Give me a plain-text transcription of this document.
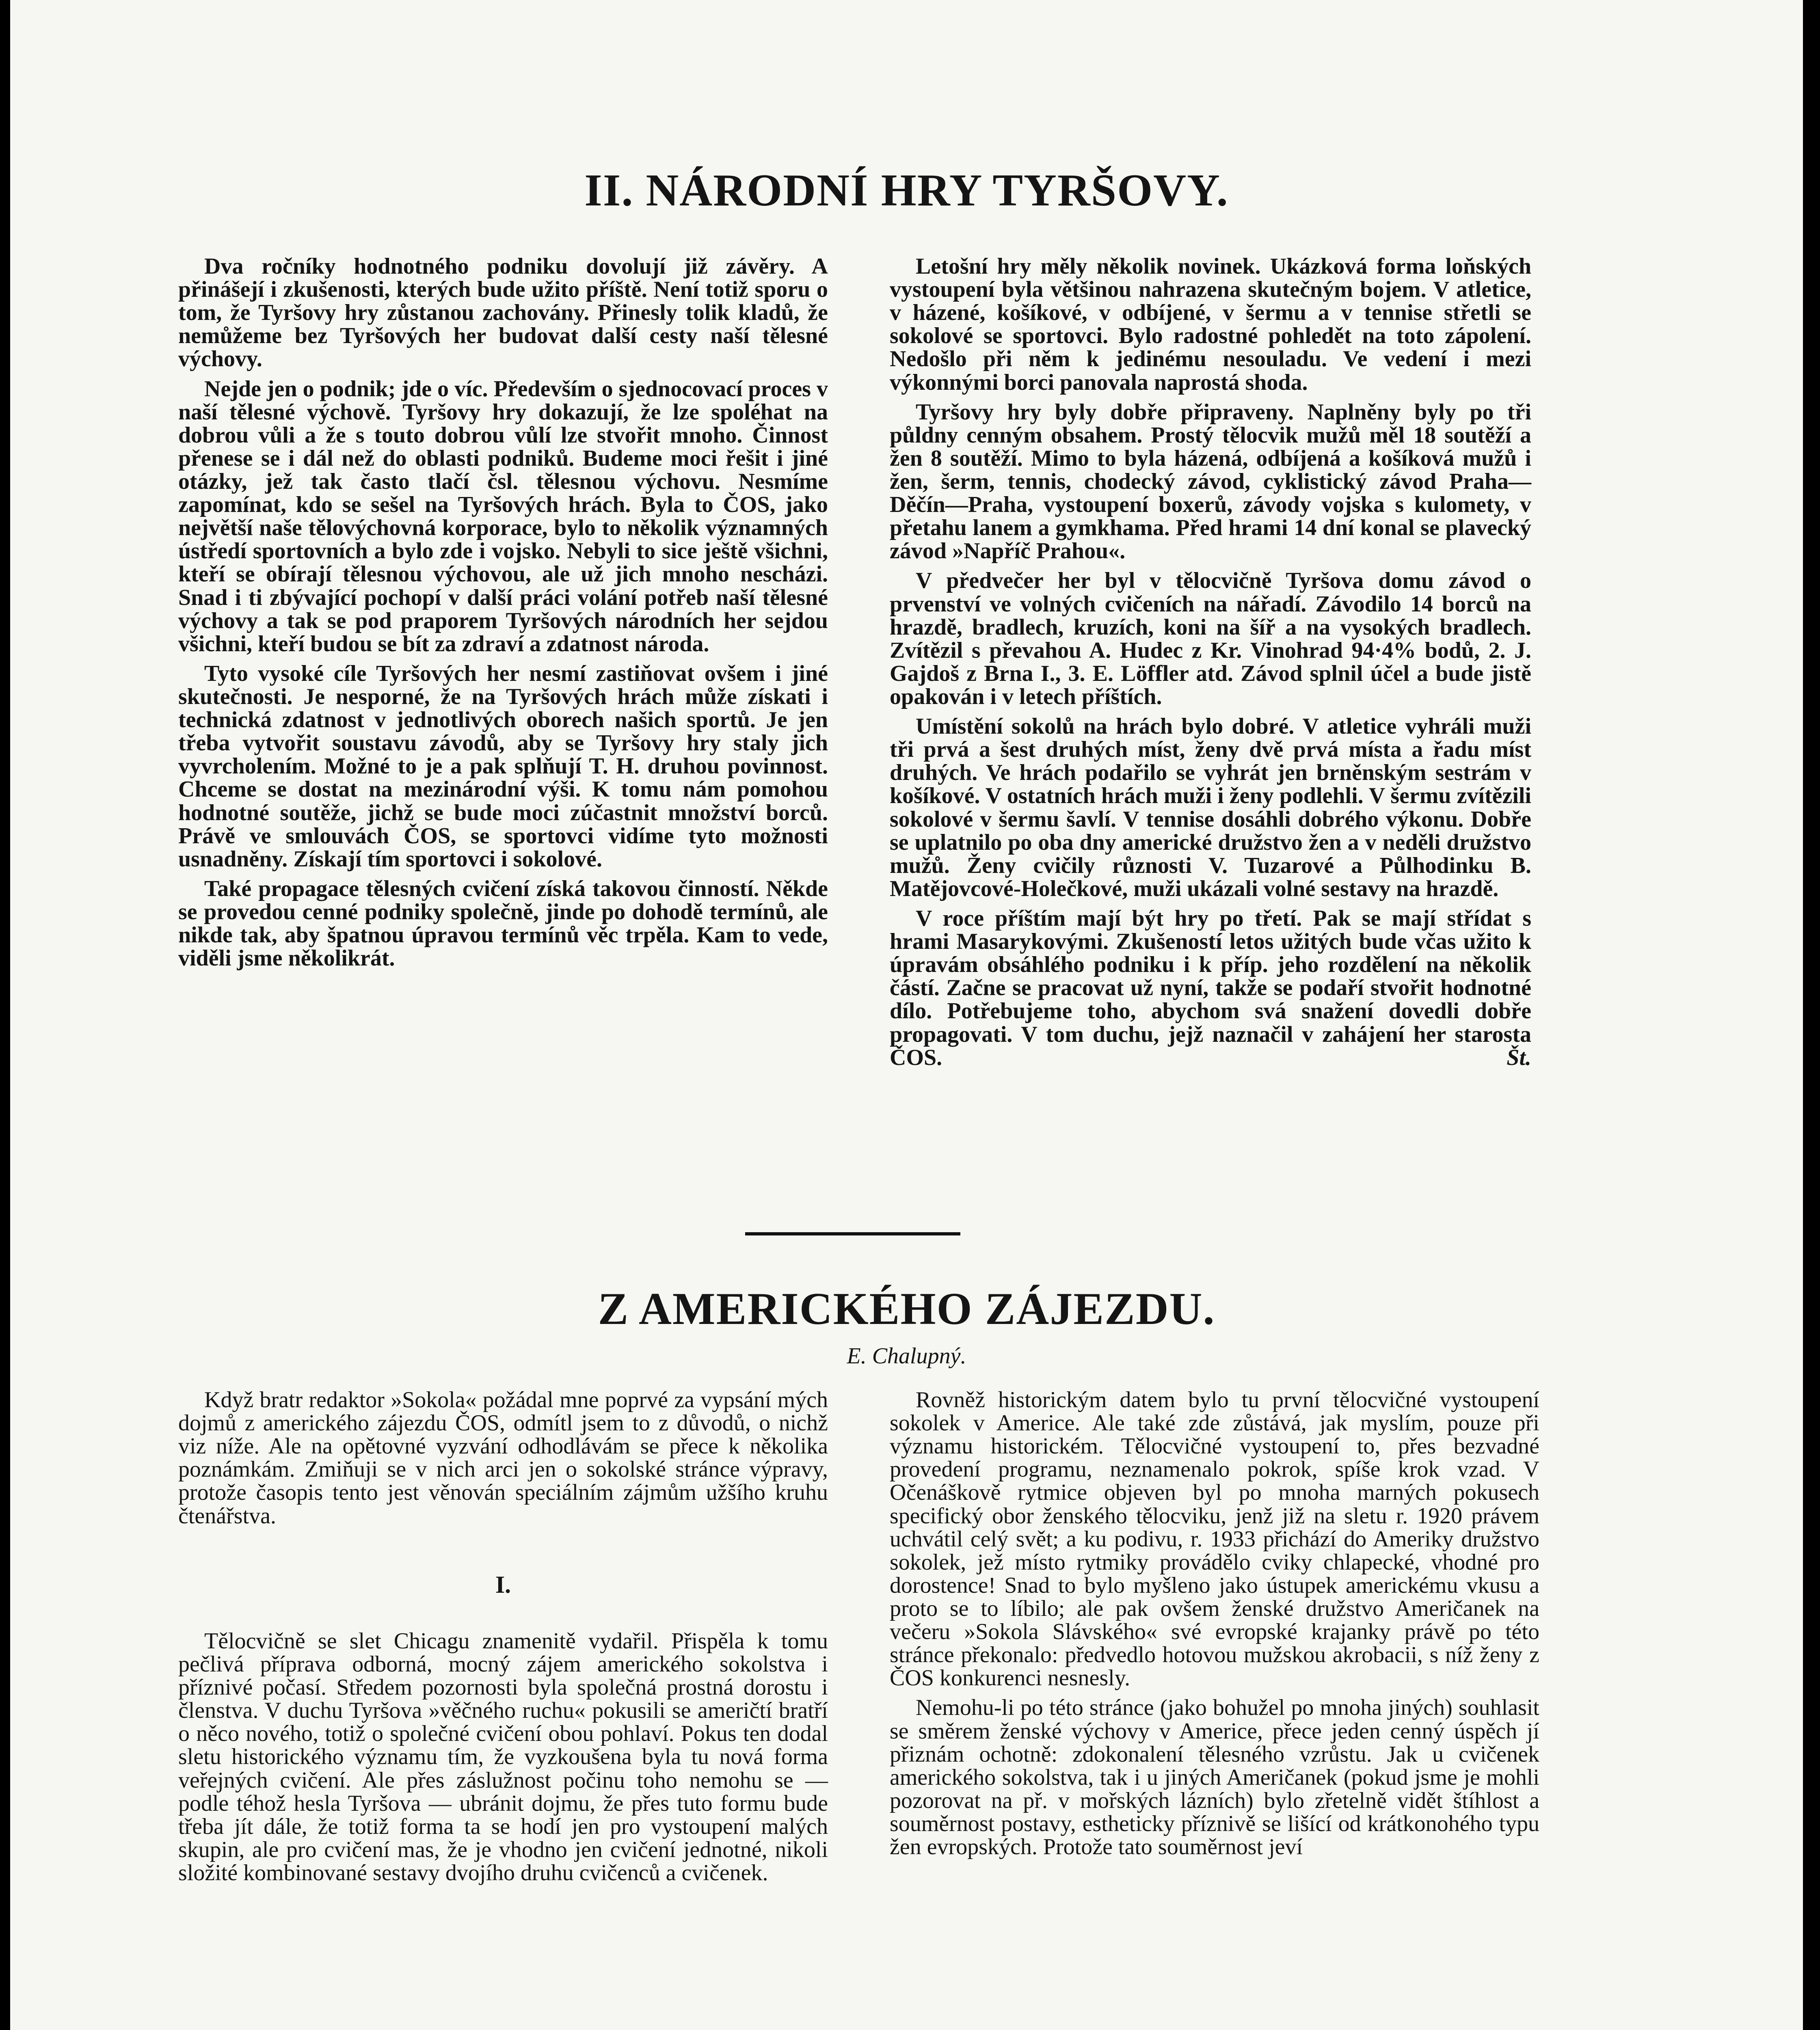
II. NÁRODNÍ HRY TYRŠOVY.

Dva ročníky hodnotného podniku dovolují již závěry. A přinášejí i zkušenosti, kterých bude užito příště. Není totiž sporu o tom, že Tyršovy hry zůstanou zachovány. Přinesly tolik kladů, že nemůžeme bez Tyršových her budovat další cesty naší tělesné výchovy.

Nejde jen o podnik; jde o víc. Především o sjednocovací proces v naší tělesné výchově. Tyršovy hry dokazují, že lze spoléhat na dobrou vůli a že s touto dobrou vůlí lze stvořit mnoho. Činnost přenese se i dál než do oblasti podniků. Budeme moci řešit i jiné otázky, jež tak často tlačí čsl. tělesnou výchovu. Nesmíme zapomínat, kdo se sešel na Tyršových hrách. Byla to ČOS, jako největší naše tělovýchovná korporace, bylo to několik významných ústředí sportovních a bylo zde i vojsko. Nebyli to sice ještě všichni, kteří se obírají tělesnou výchovou, ale už jich mnoho nescházi. Snad i ti zbývající pochopí v další práci volání potřeb naší tělesné výchovy a tak se pod praporem Tyršových národních her sejdou všichni, kteří budou se bít za zdraví a zdatnost národa.

Tyto vysoké cíle Tyršových her nesmí zastiňovat ovšem i jiné skutečnosti. Je nesporné, že na Tyršových hrách může získati i technická zdatnost v jednotlivých oborech našich sportů. Je jen třeba vytvořit soustavu závodů, aby se Tyršovy hry staly jich vyvrcholením. Možné to je a pak splňují T. H. druhou povinnost. Chceme se dostat na mezinárodní výši. K tomu nám pomohou hodnotné soutěže, jichž se bude moci zúčastnit množství borců. Právě ve smlouvách ČOS, se sportovci vidíme tyto možnosti usnadněny. Získají tím sportovci i sokolové.

Také propagace tělesných cvičení získá takovou činností. Někde se provedou cenné podniky společně, jinde po dohodě termínů, ale nikde tak, aby špatnou úpravou termínů věc trpěla. Kam to vede, viděli jsme několikrát.

Letošní hry měly několik novinek. Ukázková forma loňských vystoupení byla většinou nahrazena skutečným bojem. V atletice, v házené, košíkové, v odbíjené, v šermu a v tennise střetli se sokolové se sportovci. Bylo radostné pohledět na toto zápolení. Nedošlo při něm k jedinému nesouladu. Ve vedení i mezi výkonnými borci panovala naprostá shoda.

Tyršovy hry byly dobře připraveny. Naplněny byly po tři půldny cenným obsahem. Prostý tělocvik mužů měl 18 soutěží a žen 8 soutěží. Mimo to byla házená, odbíjená a košíková mužů i žen, šerm, tennis, chodecký závod, cyklistický závod Praha—Děčín—Praha, vystoupení boxerů, závody vojska s kulomety, v přetahu lanem a gymkhama. Před hrami 14 dní konal se plavecký závod »Napříč Prahou«.

V předvečer her byl v tělocvičně Tyršova domu závod o prvenství ve volných cvičeních na nářadí. Závodilo 14 borců na hrazdě, bradlech, kruzích, koni na šíř a na vysokých bradlech. Zvítězil s převahou A. Hudec z Kr. Vinohrad 94·4% bodů, 2. J. Gajdoš z Brna I., 3. E. Löffler atd. Závod splnil účel a bude jistě opakován i v letech příštích.

Umístění sokolů na hrách bylo dobré. V atletice vyhráli muži tři prvá a šest druhých míst, ženy dvě prvá místa a řadu míst druhých. Ve hrách podařilo se vyhrát jen brněnským sestrám v košíkové. V ostatních hrách muži i ženy podlehli. V šermu zvítězili sokolové v šermu šavlí. V tennise dosáhli dobrého výkonu. Dobře se uplatnilo po oba dny americké družstvo žen a v neděli družstvo mužů. Ženy cvičily různosti V. Tuzarové a Půlhodinku B. Matějovcové-Holečkové, muži ukázali volné sestavy na hrazdě.

V roce příštím mají být hry po třetí. Pak se mají střídat s hrami Masarykovými. Zkušeností letos užitých bude včas užito k úpravám obsáhlého podniku i k příp. jeho rozdělení na několik částí. Začne se pracovat už nyní, takže se podaří stvořit hodnotné dílo. Potřebujeme toho, abychom svá snažení dovedli dobře propagovati. V tom duchu, jejž naznačil v zahájení her starosta ČOS.	Št.

Z AMERICKÉHO ZÁJEZDU.

E. Chalupný.

Když bratr redaktor »Sokola« požádal mne poprvé za vypsání mých dojmů z amerického zájezdu ČOS, odmítl jsem to z důvodů, o nichž viz níže. Ale na opětovné vyzvání odhodlávám se přece k několika poznámkám. Zmiňuji se v nich arci jen o sokolské stránce výpravy, protože časopis tento jest věnován speciálním zájmům užšího kruhu čtenářstva.

I.

Tělocvičně se slet Chicagu znamenitě vydařil. Přispěla k tomu pečlivá příprava odborná, mocný zájem amerického sokolstva i příznivé počasí. Středem pozornosti byla společná prostná dorostu i členstva. V duchu Tyršova »věčného ruchu« pokusili se američtí bratří o něco nového, totiž o společné cvičení obou pohlaví. Pokus ten dodal sletu historického významu tím, že vyzkoušena byla tu nová forma veřejných cvičení. Ale přes záslužnost počinu toho nemohu se — podle téhož hesla Tyršova — ubránit dojmu, že přes tuto formu bude třeba jít dále, že totiž forma ta se hodí jen pro vystoupení malých skupin, ale pro cvičení mas, že je vhodno jen cvičení jednotné, nikoli složité kombinované sestavy dvojího druhu cvičenců a cvičenek.

Rovněž historickým datem bylo tu první tělocvičné vystoupení sokolek v Americe. Ale také zde zůstává, jak myslím, pouze při významu historickém. Tělocvičné vystoupení to, přes bezvadné provedení programu, neznamenalo pokrok, spíše krok vzad. V Očenáškově rytmice objeven byl po mnoha marných pokusech specifický obor ženského tělocviku, jenž již na sletu r. 1920 právem uchvátil celý svět; a ku podivu, r. 1933 přichází do Ameriky družstvo sokolek, jež místo rytmiky provádělo cviky chlapecké, vhodné pro dorostence! Snad to bylo myšleno jako ústupek americkému vkusu a proto se to líbilo; ale pak ovšem ženské družstvo Američanek na večeru »Sokola Slávského« své evropské krajanky právě po této stránce překonalo: předvedlo hotovou mužskou akrobacii, s níž ženy z ČOS konkurenci nesnesly.

Nemohu-li po této stránce (jako bohužel po mnoha jiných) souhlasit se směrem ženské výchovy v Americe, přece jeden cenný úspěch jí přiznám ochotně: zdokonalení tělesného vzrůstu. Jak u cvičenek amerického sokolstva, tak i u jiných Američanek (pokud jsme je mohli pozorovat na př. v mořských lázních) bylo zřetelně vidět štíhlost a souměrnost postavy, estheticky příznivě se lišící od krátkonohého typu žen evropských. Protože tato souměrnost jeví
